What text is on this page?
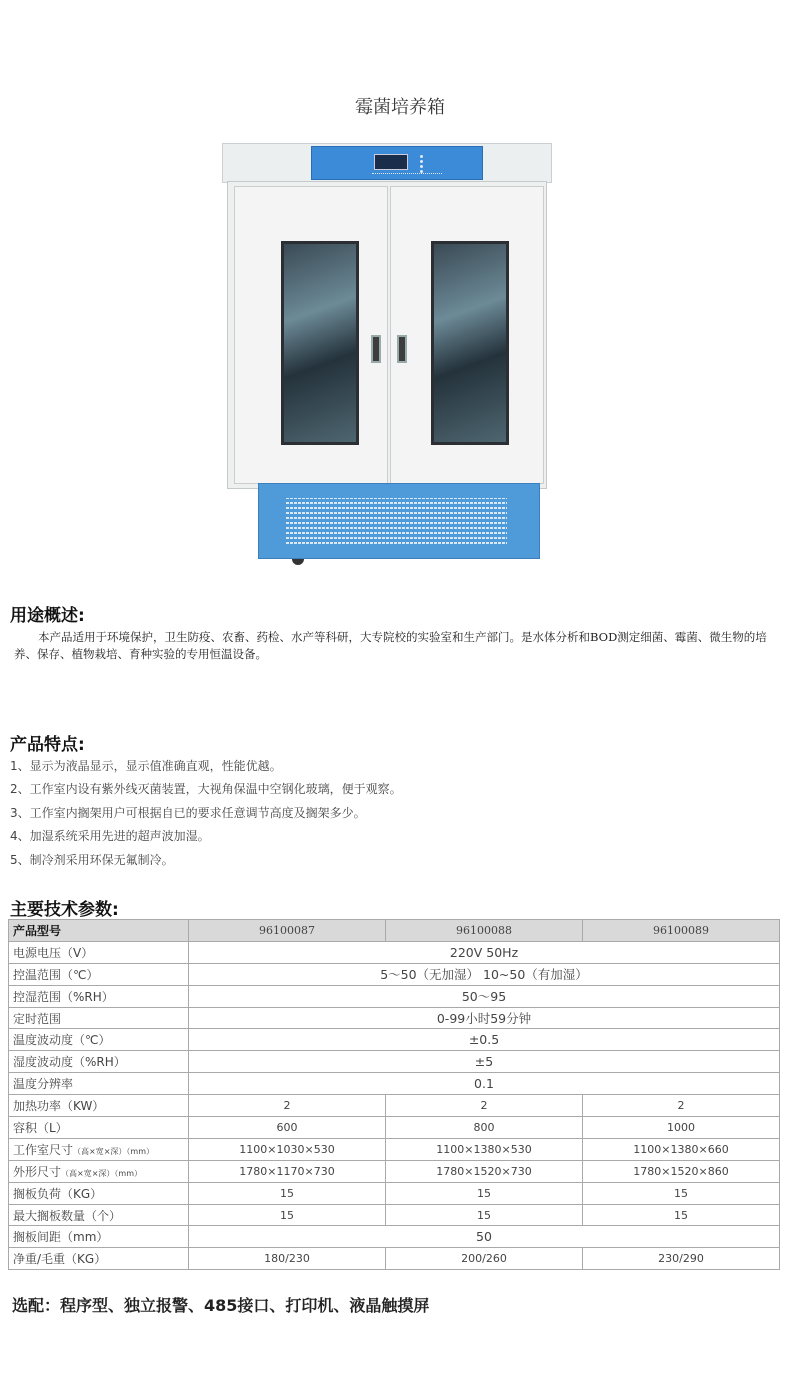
霉菌培养箱
用途概述:
本产品适用于环境保护，卫生防疫、农畜、药检、水产等科研，大专院校的实验室和生产部门。是水体分析和BOD测定细菌、霉菌、微生物的培养、保存、植物栽培、育种实验的专用恒温设备。
产品特点:
1、显示为液晶显示，显示值准确直观，性能优越。
2、工作室内设有紫外线灭菌装置，大视角保温中空钢化玻璃，便于观察。
3、工作室内搁架用户可根据自已的要求任意调节高度及搁架多少。
4、加湿系统采用先进的超声波加湿。
5、制冷剂采用环保无氟制冷。
主要技术参数:
产品型号	96100087	96100088	96100089
电源电压（V）	220V 50Hz		
控温范围（℃）	5～50（无加湿） 10~50（有加湿）		
控湿范围（%RH）	50～95		
定时范围	0-99小时59分钟		
温度波动度（℃）	±0.5		
湿度波动度（%RH）	±5		
温度分辨率	0.1		
加热功率（KW）	2	2	2
容积（L）	600	800	1000
工作室尺寸（高×宽×深）（mm）	1100×1030×530	1100×1380×530	1100×1380×660
外形尺寸（高×宽×深）（mm）	1780×1170×730	1780×1520×730	1780×1520×860
搁板负荷（KG）	15	15	15
最大搁板数量（个）	15	15	15
搁板间距（mm）	50		
净重/毛重（KG）	180/230	200/260	230/290
选配：程序型、独立报警、485接口、打印机、液晶触摸屏
